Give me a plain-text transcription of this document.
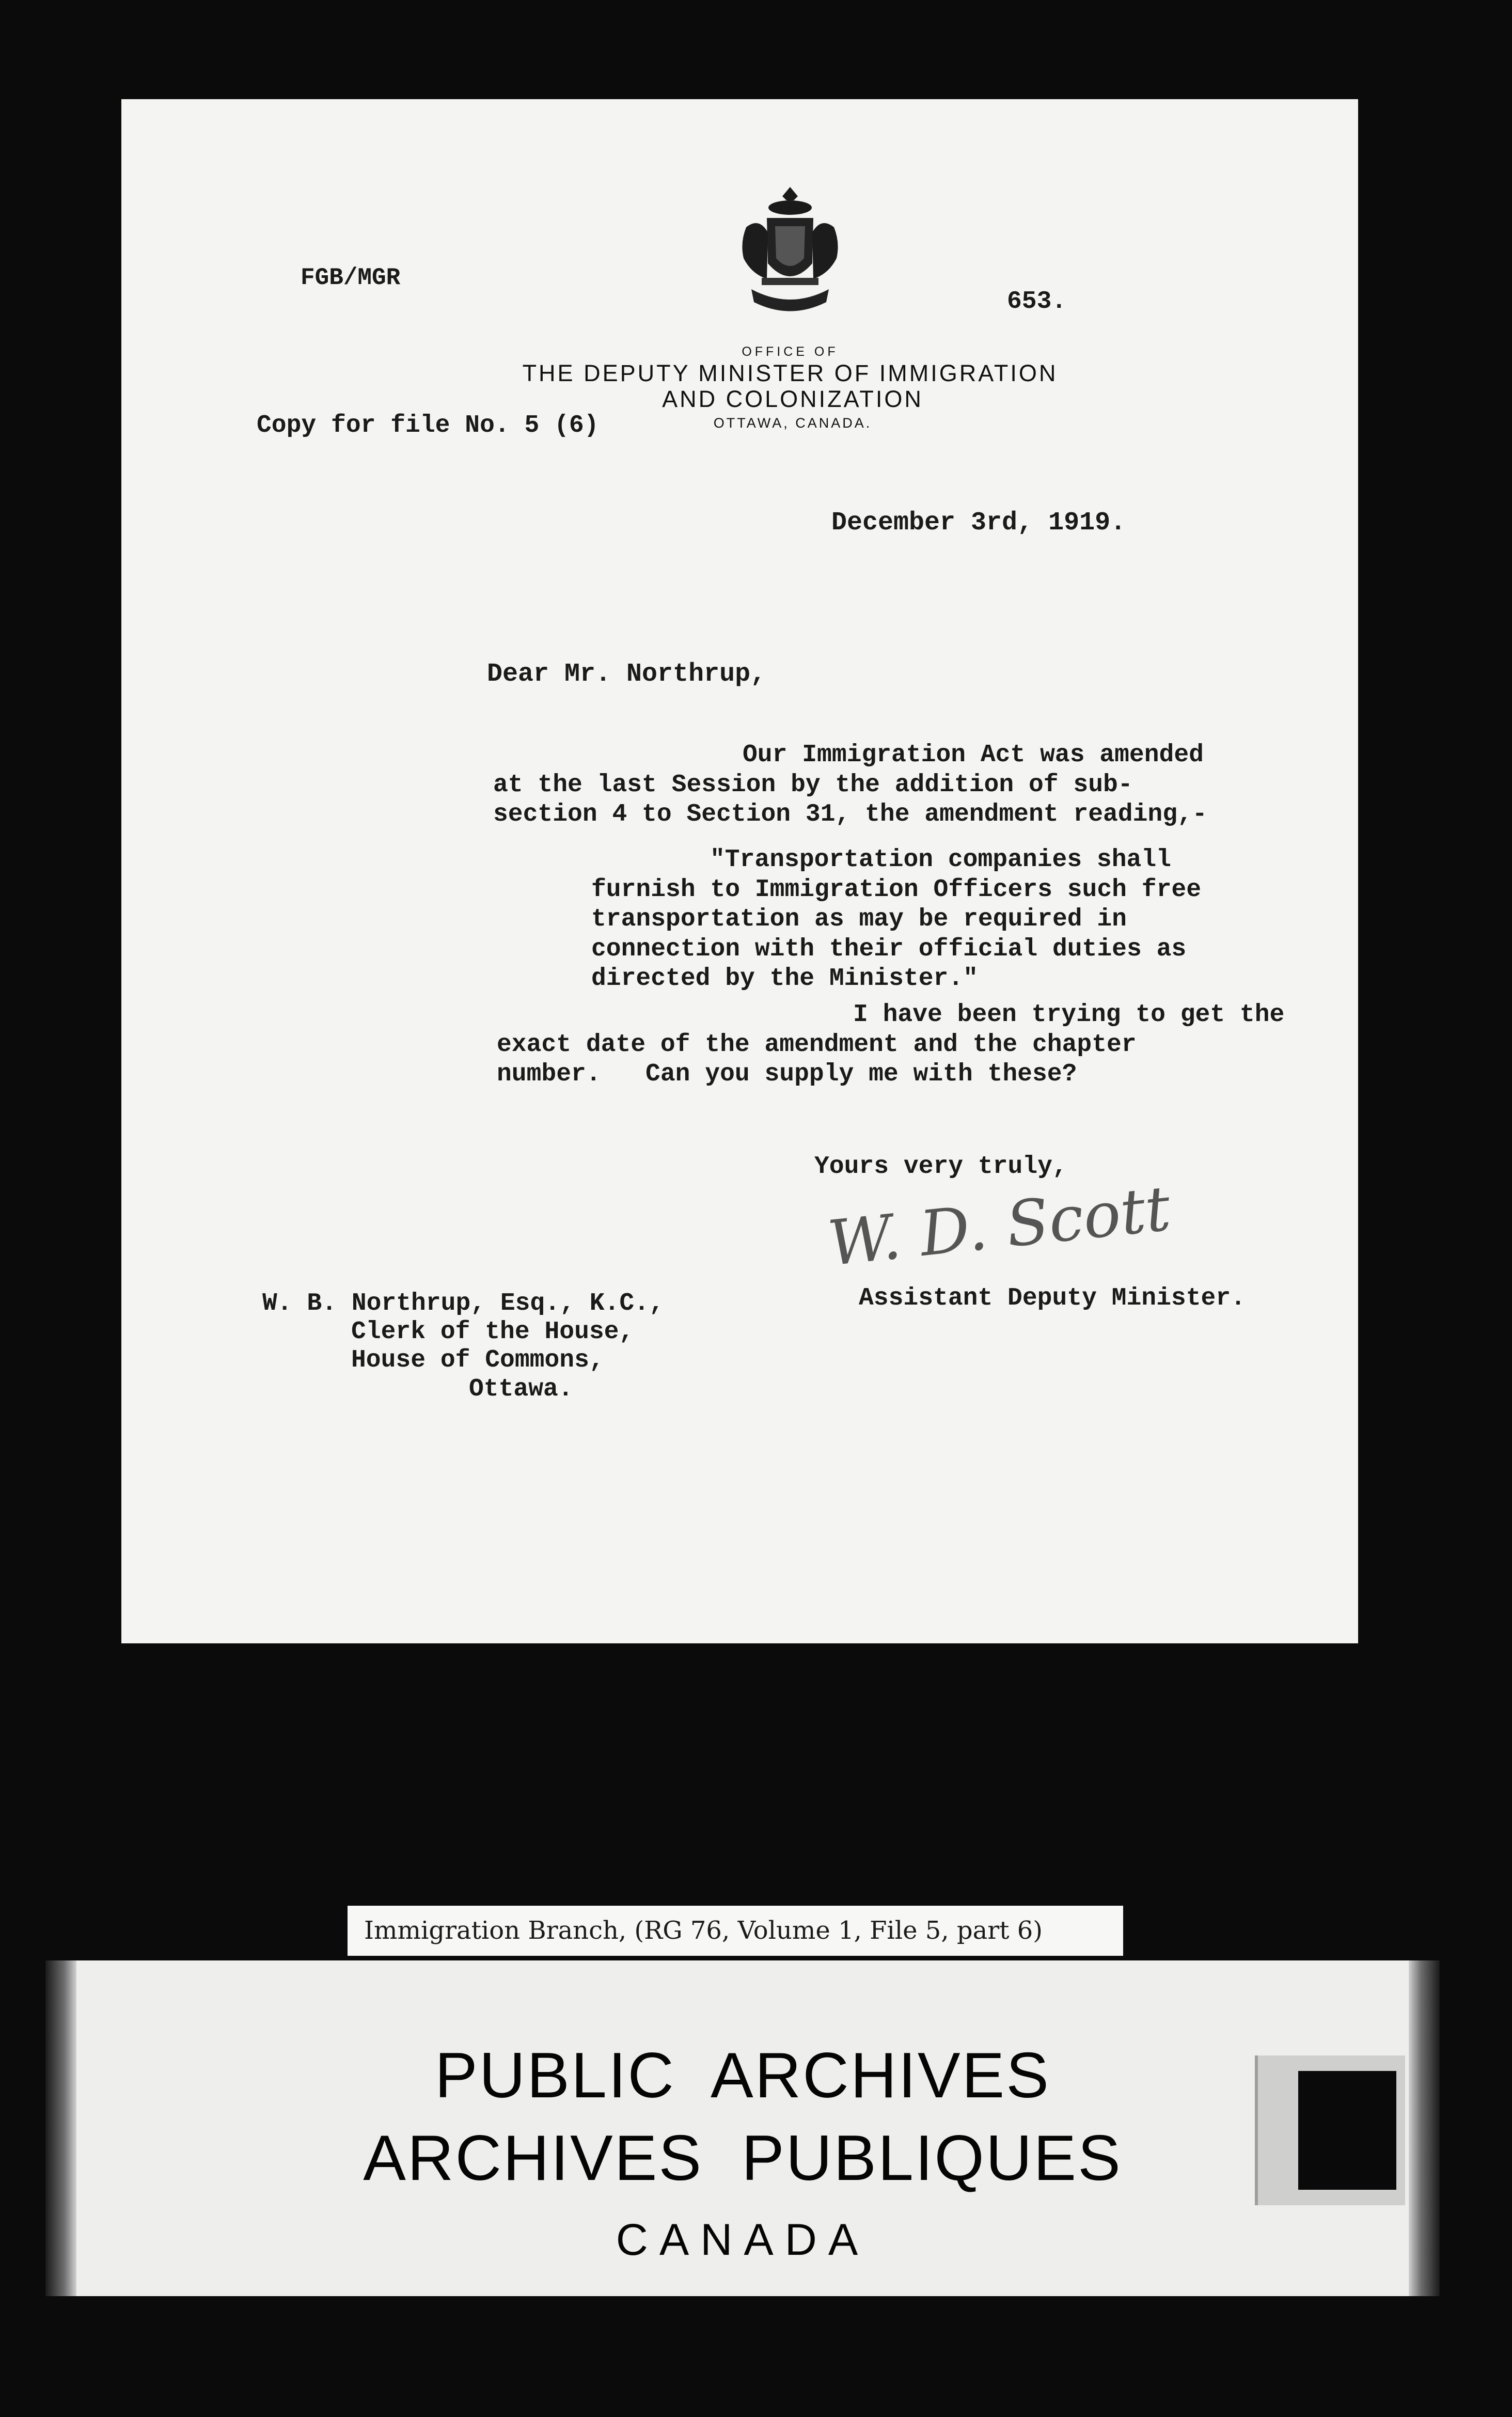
FGB/MGR
653.
OFFICE OF
THE DEPUTY MINISTER OF IMMIGRATION
AND COLONIZATION
OTTAWA, CANADA.
Copy for file No. 5 (6)
December 3rd, 1919.
Dear Mr. Northrup,
Our Immigration Act was amended
at the last Session by the addition of sub-
section 4 to Section 31, the amendment reading,-
"Transportation companies shall
furnish to Immigration Officers such free
transportation as may be required in
connection with their official duties as
directed by the Minister."
I have been trying to get the
exact date of the amendment and the chapter
number.   Can you supply me with these?
Yours very truly,
W. D. Scott
Assistant Deputy Minister.
W. B. Northrup, Esq., K.C.,
Clerk of the House,
House of Commons,
Ottawa.
Immigration Branch, (RG 76, Volume 1, File 5, part 6)
PUBLIC  ARCHIVES
ARCHIVES  PUBLIQUES
CANADA
